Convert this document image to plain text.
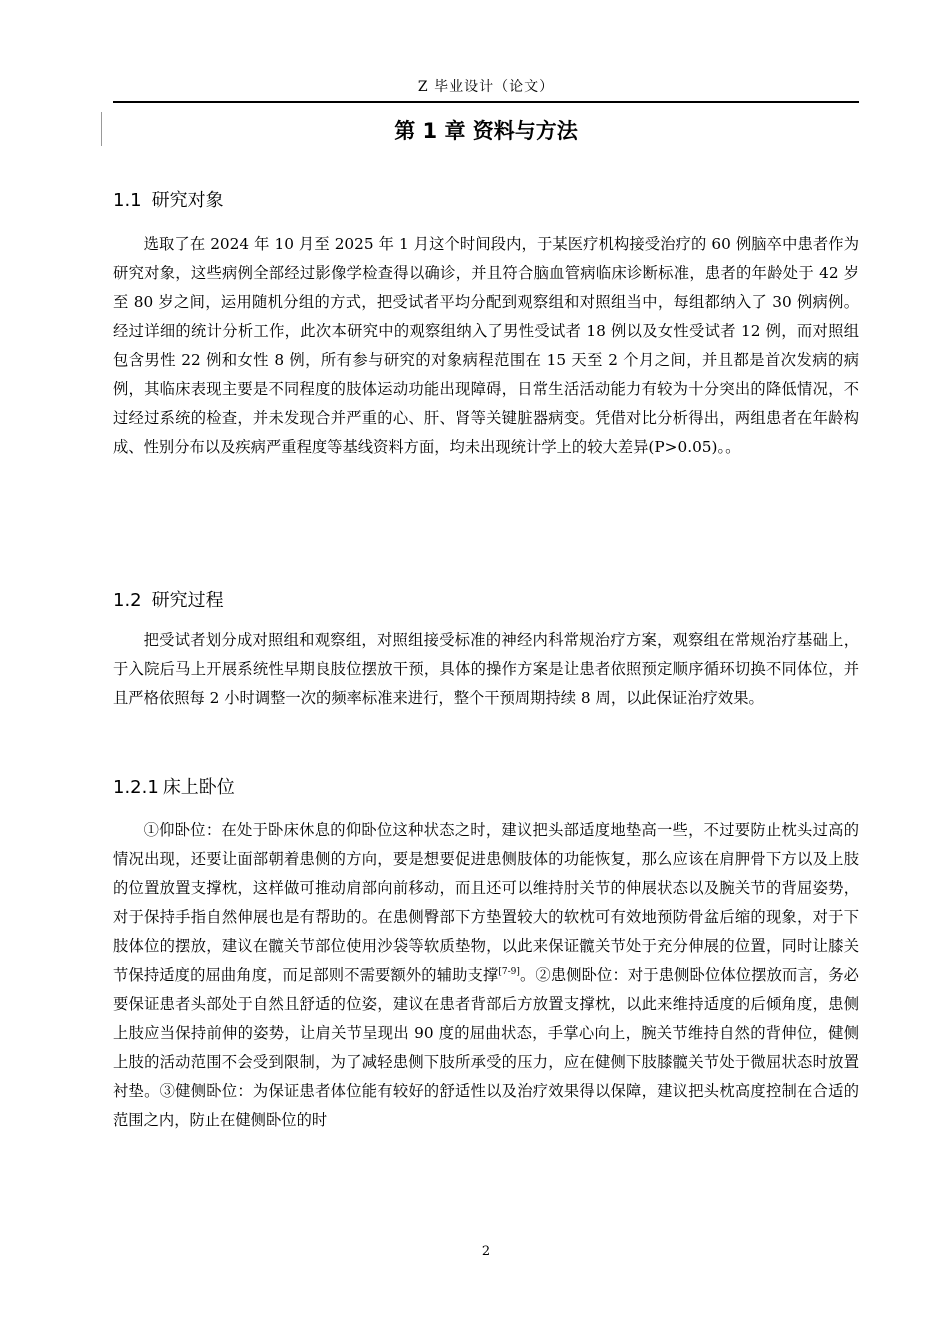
Z 毕业设计（论文）
第 1 章 资料与方法
1.1 研究对象

选取了在 2024 年 10 月至 2025 年 1 月这个时间段内，于某医疗机构接受治疗的 60 例脑卒中患者作为研究对象，这些病例全部经过影像学检查得以确诊，并且符合脑血管病临床诊断标准，患者的年龄处于 42 岁至 80 岁之间，运用随机分组的方式，把受试者平均分配到观察组和对照组当中，每组都纳入了 30 例病例。经过详细的统计分析工作，此次本研究中的观察组纳入了男性受试者 18 例以及女性受试者 12 例，而对照组包含男性 22 例和女性 8 例，所有参与研究的对象病程范围在 15 天至 2 个月之间，并且都是首次发病的病例，其临床表现主要是不同程度的肢体运动功能出现障碍，日常生活活动能力有较为十分突出的降低情况，不过经过系统的检查，并未发现合并严重的心、肝、肾等关键脏器病变。凭借对比分析得出，两组患者在年龄构成、性别分布以及疾病严重程度等基线资料方面，均未出现统计学上的较大差异(P>0.05)。。

1.2 研究过程

把受试者划分成对照组和观察组，对照组接受标准的神经内科常规治疗方案，观察组在常规治疗基础上，于入院后马上开展系统性早期良肢位摆放干预，具体的操作方案是让患者依照预定顺序循环切换不同体位，并且严格依照每 2 小时调整一次的频率标准来进行，整个干预周期持续 8 周，以此保证治疗效果。

1.2.1 床上卧位

①仰卧位：在处于卧床休息的仰卧位这种状态之时，建议把头部适度地垫高一些，不过要防止枕头过高的情况出现，还要让面部朝着患侧的方向，要是想要促进患侧肢体的功能恢复，那么应该在肩胛骨下方以及上肢的位置放置支撑枕，这样做可推动肩部向前移动，而且还可以维持肘关节的伸展状态以及腕关节的背屈姿势，对于保持手指自然伸展也是有帮助的。在患侧臀部下方垫置较大的软枕可有效地预防骨盆后缩的现象，对于下肢体位的摆放，建议在髋关节部位使用沙袋等软质垫物，以此来保证髋关节处于充分伸展的位置，同时让膝关节保持适度的屈曲角度，而足部则不需要额外的辅助支撑[7-9]。②患侧卧位：对于患侧卧位体位摆放而言，务必要保证患者头部处于自然且舒适的位姿，建议在患者背部后方放置支撑枕，以此来维持适度的后倾角度，患侧上肢应当保持前伸的姿势，让肩关节呈现出 90 度的屈曲状态，手掌心向上，腕关节维持自然的背伸位，健侧上肢的活动范围不会受到限制，为了减轻患侧下肢所承受的压力，应在健侧下肢膝髋关节处于微屈状态时放置衬垫。③健侧卧位：为保证患者体位能有较好的舒适性以及治疗效果得以保障，建议把头枕高度控制在合适的范围之内，防止在健侧卧位的时

2
